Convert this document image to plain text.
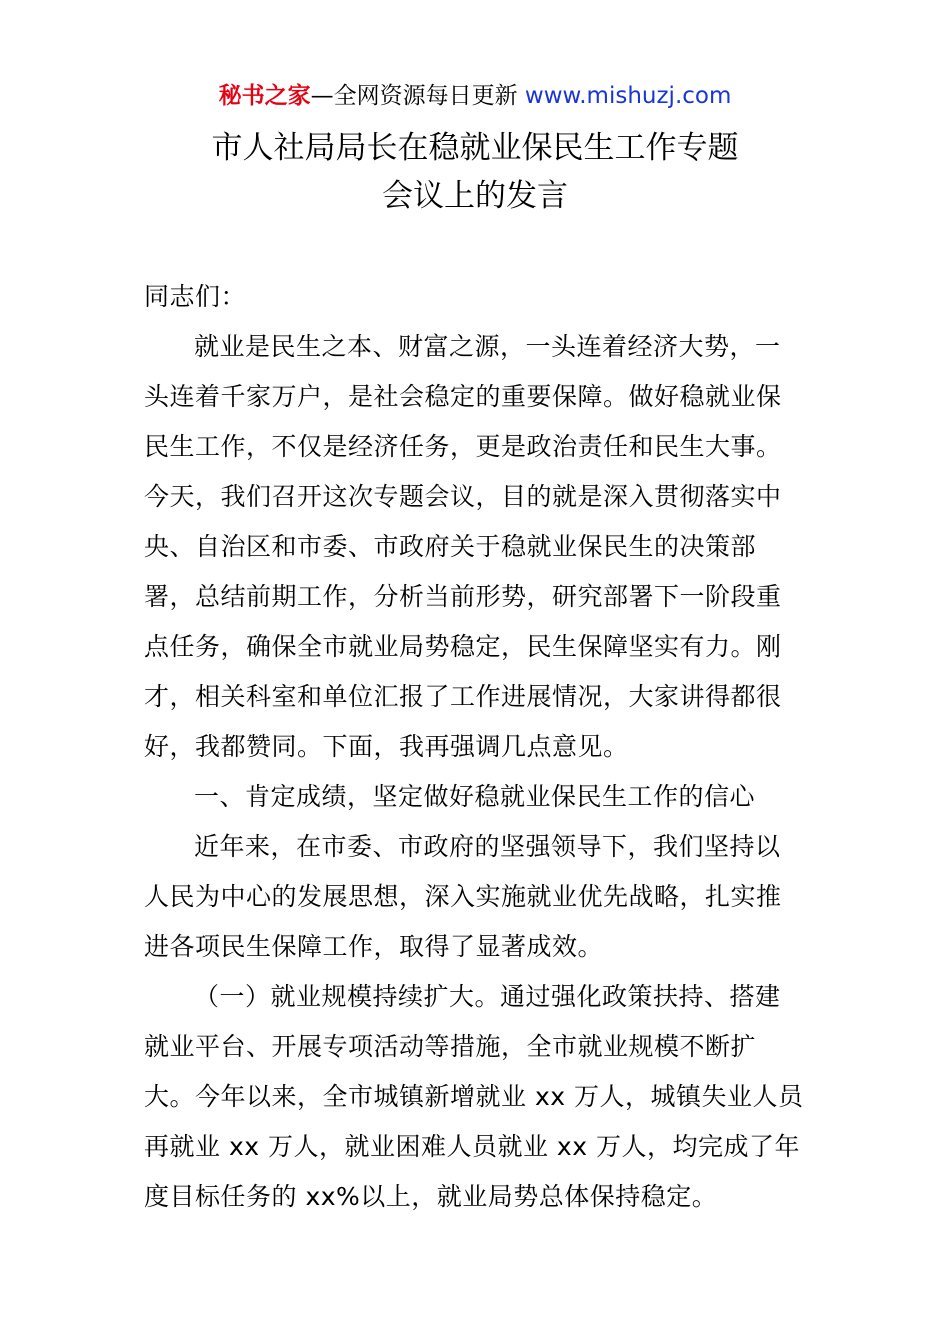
秘书之家—全网资源每日更新 www.mishuzj.com
市人社局局长在稳就业保民生工作专题
会议上的发言
同志们：
就业是民生之本、财富之源，一头连着经济大势，一
头连着千家万户，是社会稳定的重要保障。做好稳就业保
民生工作，不仅是经济任务，更是政治责任和民生大事。
今天，我们召开这次专题会议，目的就是深入贯彻落实中
央、自治区和市委、市政府关于稳就业保民生的决策部
署，总结前期工作，分析当前形势，研究部署下一阶段重
点任务，确保全市就业局势稳定，民生保障坚实有力。刚
才，相关科室和单位汇报了工作进展情况，大家讲得都很
好，我都赞同。下面，我再强调几点意见。
一、肯定成绩，坚定做好稳就业保民生工作的信心
近年来，在市委、市政府的坚强领导下，我们坚持以
人民为中心的发展思想，深入实施就业优先战略，扎实推
进各项民生保障工作，取得了显著成效。
（一）就业规模持续扩大。通过强化政策扶持、搭建
就业平台、开展专项活动等措施，全市就业规模不断扩
大。今年以来，全市城镇新增就业 xx 万人，城镇失业人员
再就业 xx 万人，就业困难人员就业 xx 万人，均完成了年
度目标任务的 xx%以上，就业局势总体保持稳定。
